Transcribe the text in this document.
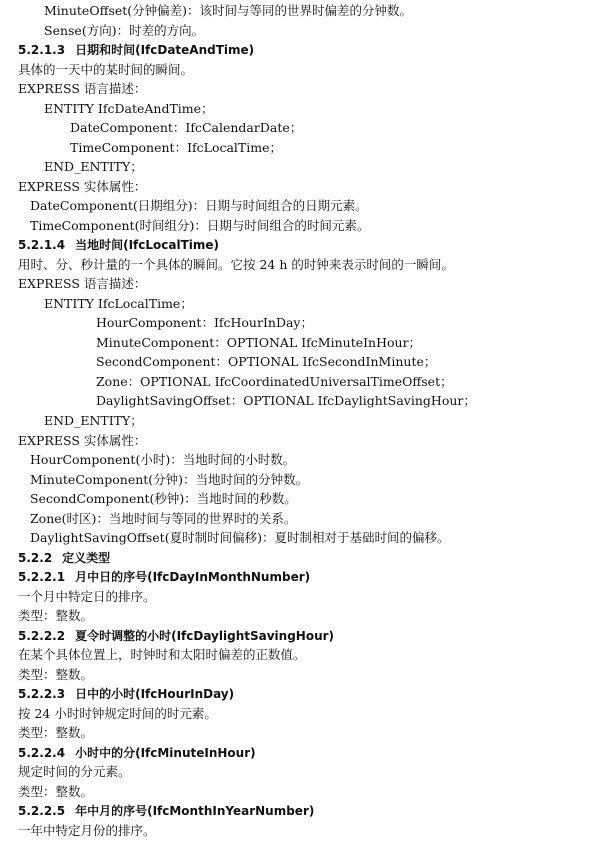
MinuteOffset(分钟偏差)：该时间与等同的世界时偏差的分钟数。
Sense(方向)：时差的方向。
5.2.1.3 日期和时间(IfcDateAndTime)
具体的一天中的某时间的瞬间。
EXPRESS 语言描述：
ENTITY IfcDateAndTime；
DateComponent：IfcCalendarDate；
TimeComponent：IfcLocalTime；
END_ENTITY；
EXPRESS 实体属性：
DateComponent(日期组分)：日期与时间组合的日期元素。
TimeComponent(时间组分)：日期与时间组合的时间元素。
5.2.1.4 当地时间(IfcLocalTime)
用时、分、秒计量的一个具体的瞬间。它按 24 h 的时钟来表示时间的一瞬间。
EXPRESS 语言描述：
ENTITY IfcLocalTime；
HourComponent：IfcHourInDay；
MinuteComponent：OPTIONAL IfcMinuteInHour；
SecondComponent：OPTIONAL IfcSecondInMinute；
Zone：OPTIONAL IfcCoordinatedUniversalTimeOffset；
DaylightSavingOffset：OPTIONAL IfcDaylightSavingHour；
END_ENTITY；
EXPRESS 实体属性：
HourComponent(小时)：当地时间的小时数。
MinuteComponent(分钟)：当地时间的分钟数。
SecondComponent(秒钟)：当地时间的秒数。
Zone(时区)：当地时间与等同的世界时的关系。
DaylightSavingOffset(夏时制时间偏移)：夏时制相对于基础时间的偏移。
5.2.2 定义类型
5.2.2.1 月中日的序号(IfcDayInMonthNumber)
一个月中特定日的排序。
类型：整数。
5.2.2.2 夏令时调整的小时(IfcDaylightSavingHour)
在某个具体位置上，时钟时和太阳时偏差的正数值。
类型：整数。
5.2.2.3 日中的小时(IfcHourInDay)
按 24 小时时钟规定时间的时元素。
类型：整数。
5.2.2.4 小时中的分(IfcMinuteInHour)
规定时间的分元素。
类型：整数。
5.2.2.5 年中月的序号(IfcMonthInYearNumber)
一年中特定月份的排序。
